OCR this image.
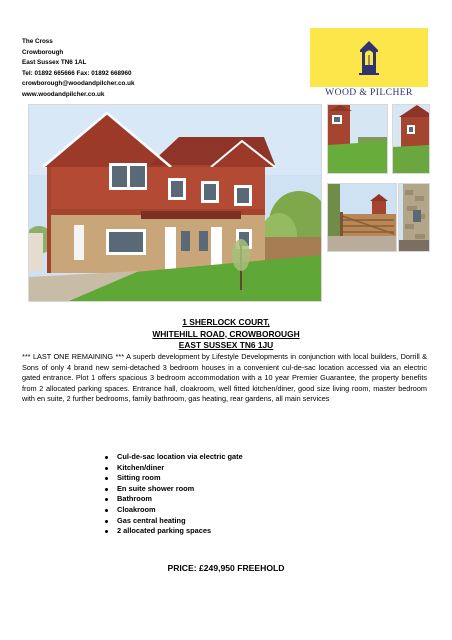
The Cross
Crowborough
East Sussex TN6 1AL
Tel: 01892 665666 Fax: 01892 668960
crowborough@woodandpilcher.co.uk
www.woodandpilcher.co.uk	WOOD & PILCHER
1 SHERLOCK COURT,
WHITEHILL ROAD, CROWBOROUGH
EAST SUSSEX TN6 1JU
*** LAST ONE REMAINING *** A superb development by Lifestyle Developments in conjunction with local builders, Dorrill & Sons of only 4 brand new semi-detached 3 bedroom houses in a convenient cul-de-sac location accessed via an electric gated entrance. Plot 1 offers spacious 3 bedroom accommodation with a 10 year Premier Guarantee, the property benefits from 2 allocated parking spaces. Entrance hall, cloakroom, well fitted kitchen/diner, good size living room, master bedroom with en suite, 2 further bedrooms, family bathroom, gas heating, rear gardens, all main services
Cul-de-sac location via electric gate
Kitchen/diner
Sitting room
En suite shower room
Bathroom
Cloakroom
Gas central heating
2 allocated parking spaces
PRICE: £249,950 FREEHOLD
